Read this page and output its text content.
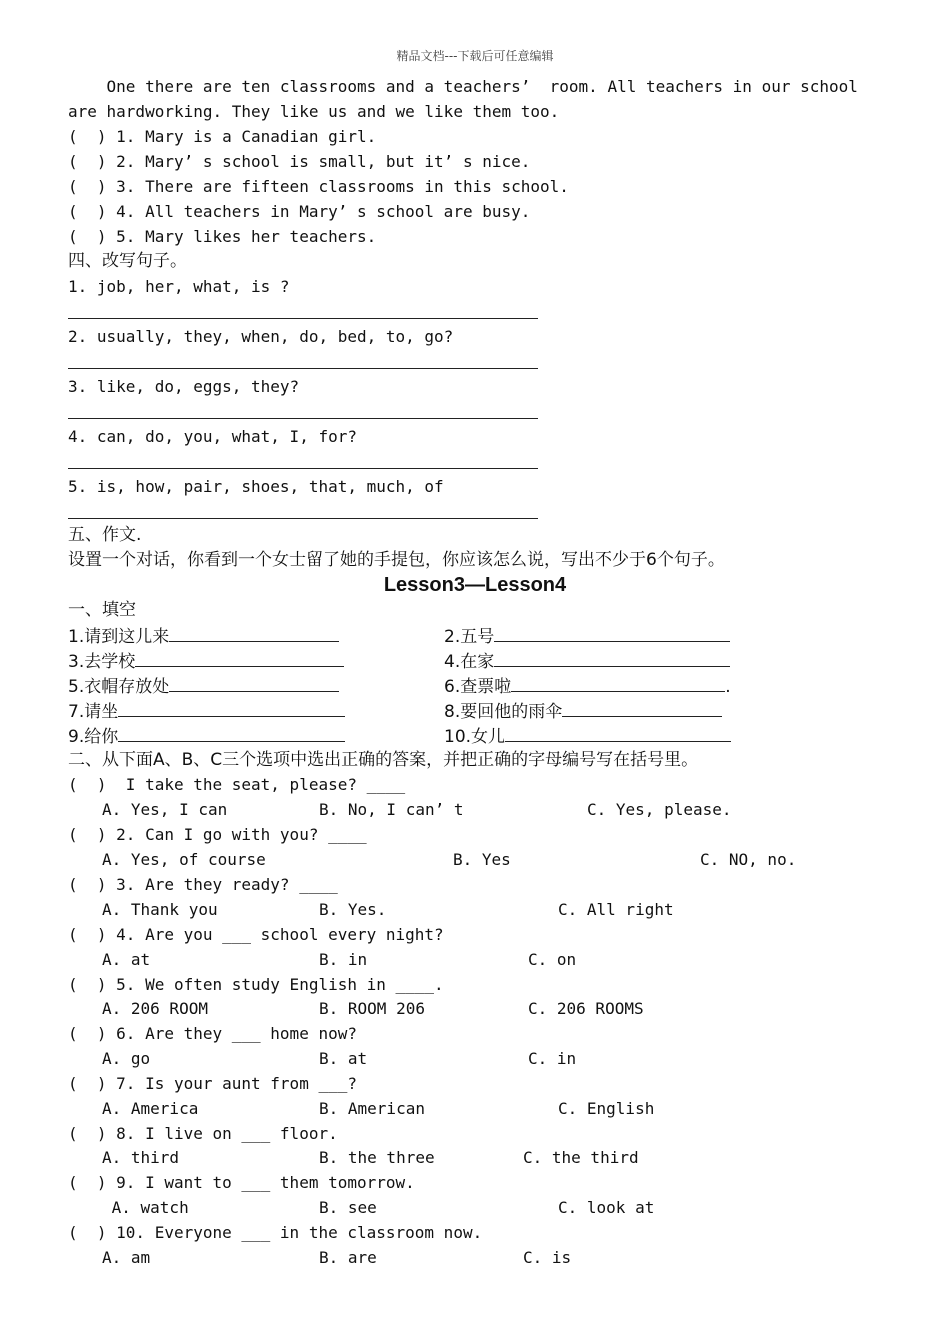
精品文档---下载后可任意编辑
One there are ten classrooms and a teachers’  room. All teachers in our school
are hardworking. They like us and we like them too.
(  ) 1. Mary is a Canadian girl.
(  ) 2. Mary’ s school is small, but it’ s nice.
(  ) 3. There are fifteen classrooms in this school.
(  ) 4. All teachers in Mary’ s school are busy.
(  ) 5. Mary likes her teachers.
四、改写句子。
1. job, her, what, is ?
2. usually, they, when, do, bed, to, go?
3. like, do, eggs, they?
4. can, do, you, what, I, for?
5. is, how, pair, shoes, that, much, of
五、作文.
设置一个对话，你看到一个女士留了她的手提包，你应该怎么说，写出不少于6个句子。
Lesson3—Lesson4
一、填空
1.请到这儿来	2.五号
3.去学校	4.在家
5.衣帽存放处	6.查票啦	.
7.请坐	8.要回他的雨伞
9.给你	10.女儿
二、从下面A、B、C三个选项中选出正确的答案，并把正确的字母编号写在括号里。
(  )  I take the seat, please? ____
A. Yes, I can	B. No, I can’ t	C. Yes, please.
(  ) 2. Can I go with you? ____
A. Yes, of course	B. Yes	C. NO, no.
(  ) 3. Are they ready? ____
A. Thank you	B. Yes.	C. All right
(  ) 4. Are you ___ school every night?
A. at	B. in	C. on
(  ) 5. We often study English in ____.
A. 206 ROOM	B. ROOM 206	C. 206 ROOMS
(  ) 6. Are they ___ home now?
A. go	B. at	C. in
(  ) 7. Is your aunt from ___?
A. America	B. American	C. English
(  ) 8. I live on ___ floor.
A. third	B. the three	C. the third
(  ) 9. I want to ___ them tomorrow.
A. watch	B. see	C. look at
(  ) 10. Everyone ___ in the classroom now.
A. am	B. are	C. is
